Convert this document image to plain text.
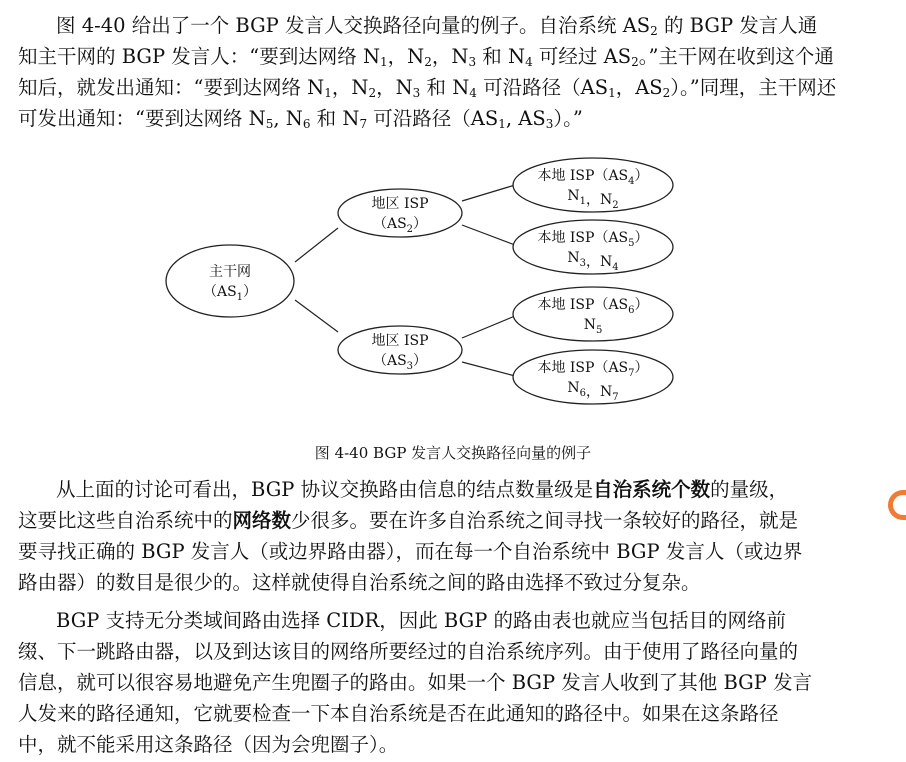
图 4-40 给出了一个 BGP 发言人交换路径向量的例子。自治系统 $AS_2$ 的 BGP 发言人通
知主干网的 BGP 发言人：“要到达网络 $N_1$，$N_2$，$N_3$ 和 $N_4$ 可经过 $AS_2$。”主干网在收到这个通
知后，就发出通知：“要到达网络 $N_1$，$N_2$，$N_3$ 和 $N_4$ 可沿路径（$AS_1$，$AS_2$）。”同理，主干网还
可发出通知：“要到达网络 $N_5$, $N_6$ 和 $N_7$ 可沿路径（$AS_1$, $AS_3$）。”
主干网
$(AS_1)$
地区 ISP
$(AS_2)$
地区 ISP
$(AS_3)$
本地 $ISP(AS_4)$
$N_1$，$N_2$
本地 $ISP(AS_5)$
$N_3$，$N_4$
本地 $ISP(AS_6)$
$N_5$
本地 $ISP(AS_7)$
$N_6$，$N_7$
图 4-40 BGP 发言人交换路径向量的例子
从上面的讨论可看出，BGP 协议交换路由信息的结点数量级是自治系统个数的量级，
这要比这些自治系统中的网络数少很多。要在许多自治系统之间寻找一条较好的路径，就是
要寻找正确的 BGP 发言人（或边界路由器），而在每一个自治系统中 BGP 发言人（或边界
路由器）的数目是很少的。这样就使得自治系统之间的路由选择不致过分复杂。
BGP 支持无分类域间路由选择 CIDR，因此 BGP 的路由表也就应当包括目的网络前
缀、下一跳路由器，以及到达该目的网络所要经过的自治系统序列。由于使用了路径向量的
信息，就可以很容易地避免产生兜圈子的路由。如果一个 BGP 发言人收到了其他 BGP 发言
人发来的路径通知，它就要检查一下本自治系统是否在此通知的路径中。如果在这条路径
中，就不能采用这条路径（因为会兜圈子）。
